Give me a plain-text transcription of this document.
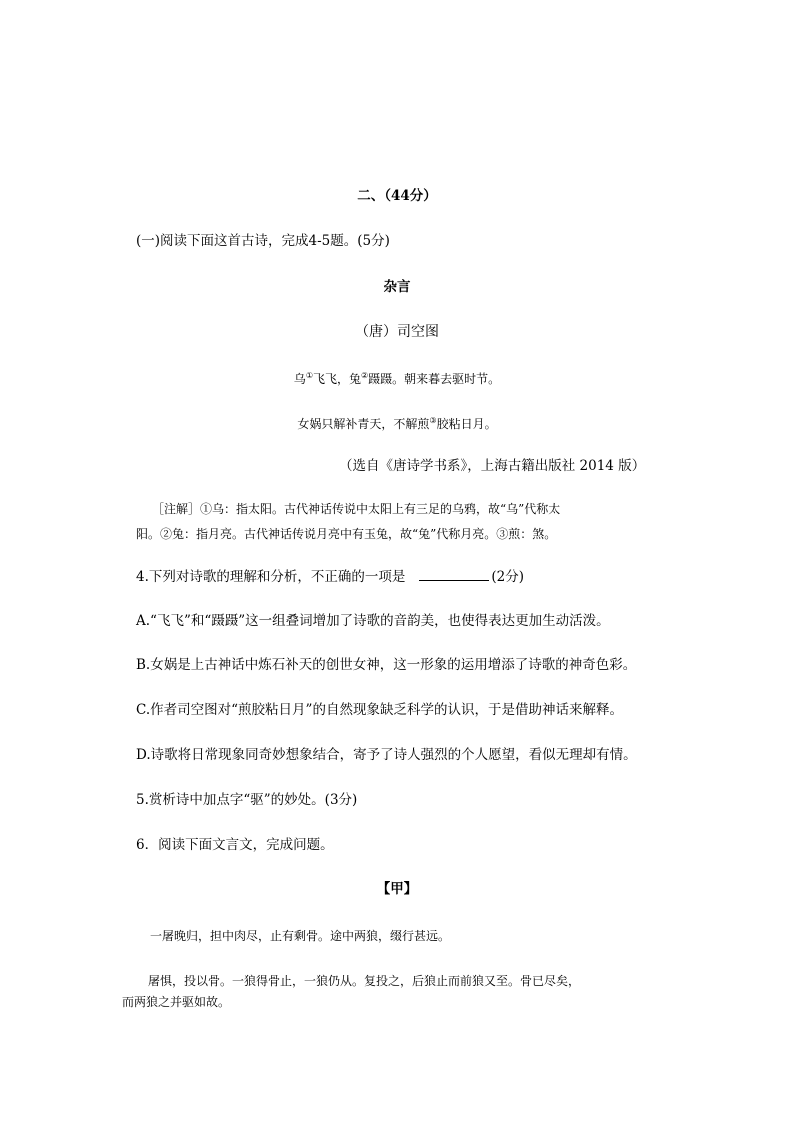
二、（44分）
(一)阅读下面这首古诗，完成4-5题。(5分)
杂言
（唐）司空图
乌①飞飞，兔②蹑蹑。朝来暮去驱时节。
女娲只解补青天，不解煎③胶粘日月。
（选自《唐诗学书系》，上海古籍出版社 2014 版）
［注解］①乌：指太阳。古代神话传说中太阳上有三足的乌鸦，故“乌”代称太
阳。②兔：指月亮。古代神话传说月亮中有玉兔，故“兔”代称月亮。③煎：煞。
4.下列对诗歌的理解和分析，不正确的一项是	(2分)
A.“飞飞”和“蹑蹑”这一组叠词增加了诗歌的音韵美，也使得表达更加生动活泼。
B.女娲是上古神话中炼石补天的创世女神，这一形象的运用增添了诗歌的神奇色彩。
C.作者司空图对“煎胶粘日月”的自然现象缺乏科学的认识，于是借助神话来解释。
D.诗歌将日常现象同奇妙想象结合，寄予了诗人强烈的个人愿望，看似无理却有情。
5.赏析诗中加点字“驱”的妙处。(3分)
6．阅读下面文言文，完成问题。
【甲】
一屠晚归，担中肉尽，止有剩骨。途中两狼，缀行甚远。
屠惧，投以骨。一狼得骨止，一狼仍从。复投之，后狼止而前狼又至。骨已尽矣，
而两狼之并驱如故。
